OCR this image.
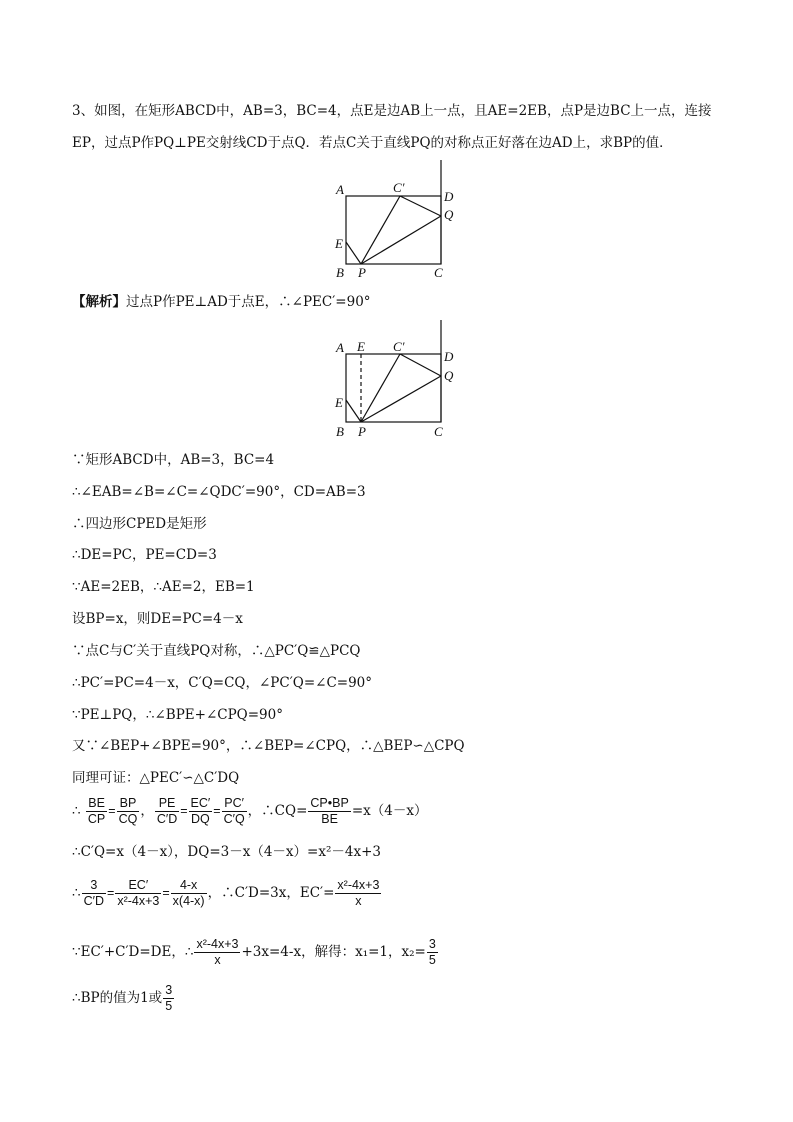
3、如图，在矩形ABCD中，AB=3，BC=4，点E是边AB上一点，且AE=2EB，点P是边BC上一点，连接
EP，过点P作PQ⊥PE交射线CD于点Q．若点C关于直线PQ的对称点正好落在边AD上，求BP的值．
A	C′
D
Q
E
B P	C
【解析】过点P作PE⊥AD于点E，∴∠PEC′=90°
A E C′
D
Q
E
B P	C
∵矩形ABCD中，AB=3，BC=4
∴∠EAB=∠B=∠C=∠QDC′=90°，CD=AB=3
∴四边形CPED是矩形
∴DE=PC，PE=CD=3
∵AE=2EB，∴AE=2，EB=1
设BP=x，则DE=PC=4－x
∵点C与C′关于直线PQ对称，∴△PC′Q≌△PCQ
∴PC′=PC=4－x，C′Q=CQ，∠PC′Q=∠C=90°
∵PE⊥PQ，∴∠BPE+∠CPQ=90°
又∵∠BEP+∠BPE=90°，∴∠BEP=∠CPQ，∴△BEP∽△CPQ
同理可证：△PEC′∽△C′DQ
∴ $\frac{BE}{CP} = \frac{BP}{CQ}$ ， $\frac{PE}{C'D} = \frac{EC'}{DQ} = \frac{PC'}{C'Q}$ ，∴CQ= $\frac{CP•BP}{BE} =x(4-x)$
∴C′Q=x（4－x），DQ=3－x（4－x）=x²－4x+3
∴ $\frac{3}{C'D} = \frac{EC'}{\text{x²-4x+3}} = \frac{4-x}{x(4-x)}$ ，∴C′D=3x，$EC'= \frac{\text{x²-4x+3}}{x}$
∵EC′+C′D=DE，∴ $\frac{\text{x²-4x+3}}{x} +3x=4-x$，解得：x₁=1，$x_2= \frac{3}{5}$
∴BP的值为1或 $\frac{3}{5}$
